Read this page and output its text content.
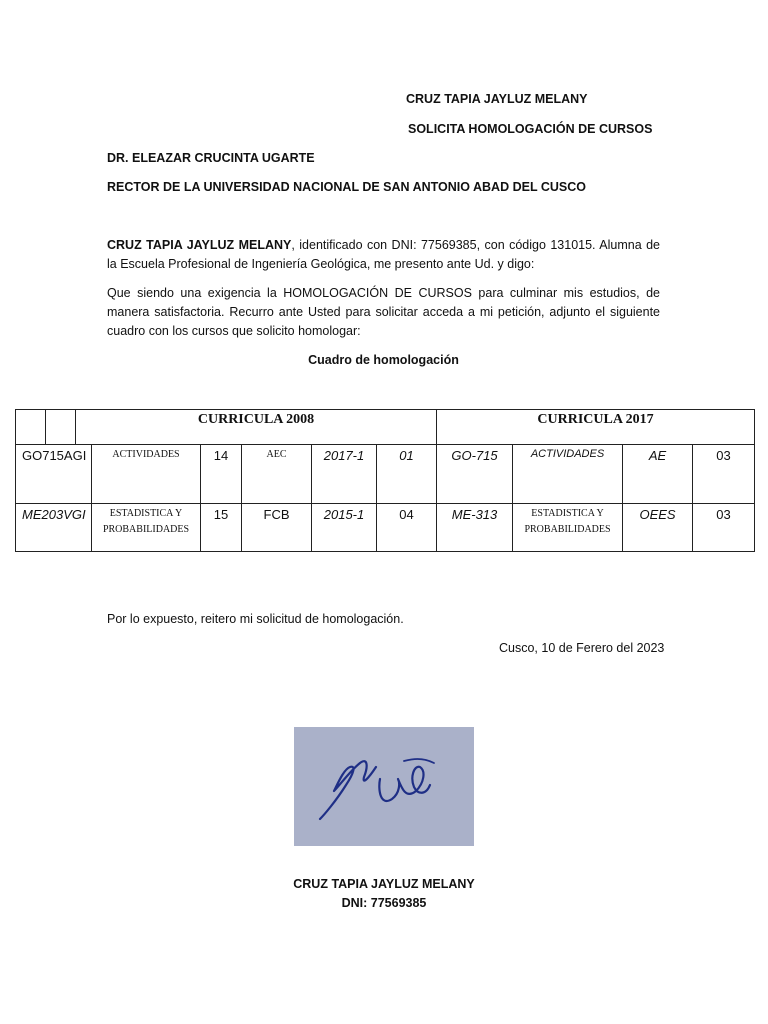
CRUZ TAPIA JAYLUZ MELANY
SOLICITA HOMOLOGACIÓN DE CURSOS
DR. ELEAZAR CRUCINTA UGARTE
RECTOR DE LA UNIVERSIDAD NACIONAL DE SAN ANTONIO ABAD DEL CUSCO
CRUZ TAPIA JAYLUZ MELANY, identificado con DNI: 77569385, con código 131015. Alumna de la Escuela Profesional de Ingeniería Geológica, me presento ante Ud. y digo:
Que siendo una exigencia la HOMOLOGACIÓN DE CURSOS para culminar mis estudios, de manera satisfactoria. Recurro ante Usted para solicitar acceda a mi petición, adjunto el siguiente cuadro con los cursos que solicito homologar:
Cuadro de homologación
		CURRICULA 2008						CURRICULA 2017			
GO715AGI			ACTIVIDADES	14	AEC	2017-1	01	GO-715	ACTIVIDADES	AE	03
ME203VGI			ESTADISTICA Y PROBABILIDADES	15	FCB	2015-1	04	ME-313	ESTADISTICA Y PROBABILIDADES	OEES	03
Por lo expuesto, reitero mi solicitud de homologación.
Cusco, 10 de Ferero del 2023
CRUZ TAPIA JAYLUZ MELANY
DNI: 77569385
